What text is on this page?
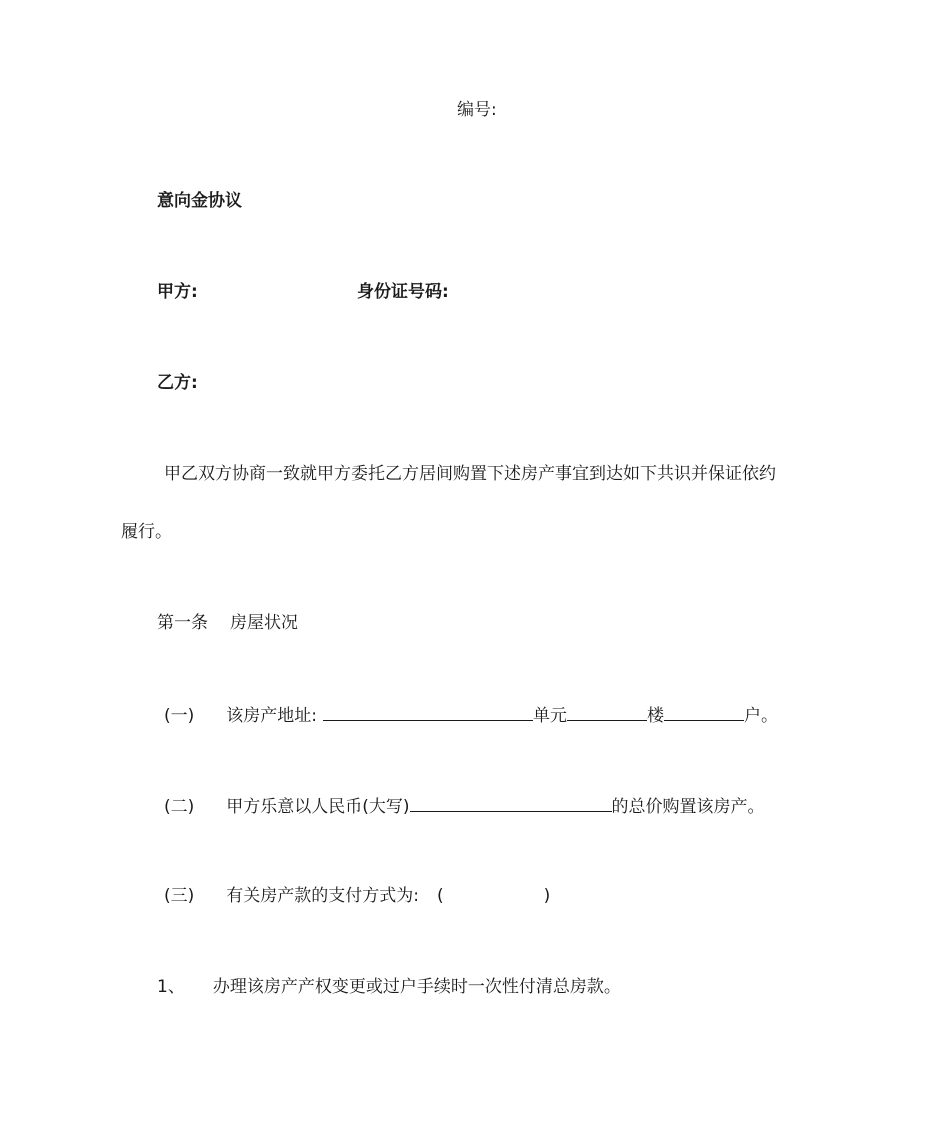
编号:
意向金协议
甲方:	身份证号码:
乙方:
甲乙双方协商一致就甲方委托乙方居间购置下述房产事宜到达如下共识并保证依约
履行。
第一条 房屋状况
(一) 该房产地址:	单元	楼	户。
(二) 甲方乐意以人民币(大写)	的总价购置该房产。
(三) 有关房产款的支付方式为: (	)
1、 办理该房产产权变更或过户手续时一次性付清总房款。
